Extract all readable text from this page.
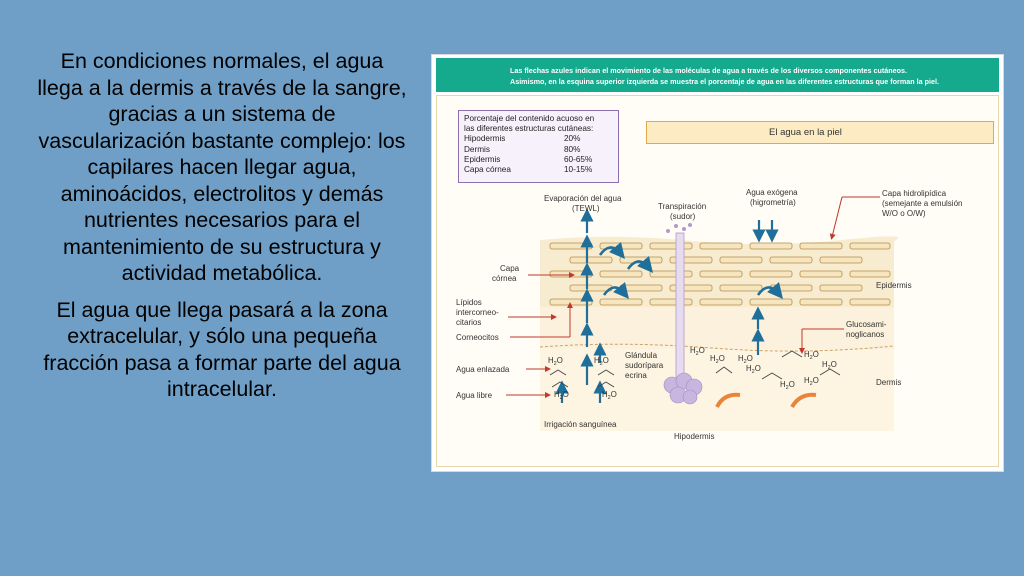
En condiciones normales, el agua llega a la dermis a través de la sangre, gracias a un sistema de vascularización bastante complejo: los capilares hacen llegar agua, aminoácidos, electrolitos y demás nutrientes necesarios para el mantenimiento de su estructura y actividad metabólica.

El agua que llega pasará a la zona extracelular, y sólo una pequeña fracción pasa a formar parte del agua intracelular.

Las flechas azules indican el movimiento de las moléculas de agua a través de los diversos componentes cutáneos.
Asimismo, en la esquina superior izquierda se muestra el porcentaje de agua en las diferentes estructuras que forman la piel.
Porcentaje del contenido acuoso en
las diferentes estructuras cutáneas:
Hipodermis	20%
Dermis	80%
Epidermis	60-65%
Capa córnea	10-15%
El agua en la piel
Evaporación del agua
(TEWL)	Transpiración
(sudor)
Agua exógena
(higrometría)
Capa hidrolipídica
(semejante a emulsión
W/O o O/W)
Capa
córnea
Lípidos
intercorneo-
citarios
Corneocitos
Epidermis
Glucosami-
noglicanos
Agua enlazada
Agua libre
Glándula
sudorípara
ecrina
Dermis
Irrigación sanguínea
Hipodermis
$H_2O$	$H_2O$
$H_2O$	$H_2O$
$H_2O$
$H_2O$ $H_2O$
$H_2O$
$H_2O$
$H_2O$
$H_2O$
$H_2O$
